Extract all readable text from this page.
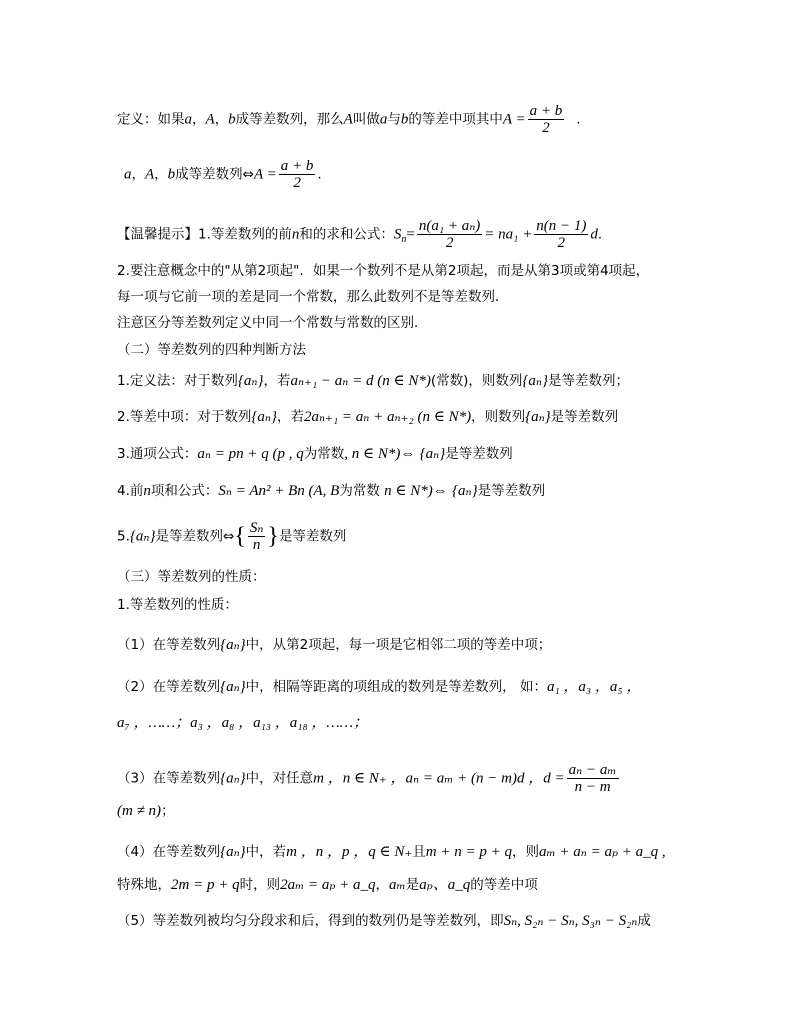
定义：如果a，A，b成等差数列，那么A叫做a与b的等差中项其中$A = \frac{a + b}{2}$ .
a，A，b成等差数列⇔A = $\frac{a + b}{2}$ .
【温馨提示】1.等差数列的前n和的求和公式：$S_n= \frac{\text{n(a₁ + aₙ)}}{2} = na_1 + \frac{n(n - 1)}{2} d$.
2.要注意概念中的"从第2项起"．如果一个数列不是从第2项起，而是从第3项或第4项起，
每一项与它前一项的差是同一个常数，那么此数列不是等差数列．
注意区分等差数列定义中同一个常数与常数的区别．
（二）等差数列的四种判断方法
1.定义法：对于数列{aₙ}，若aₙ₊₁ − aₙ = d (n ∈ N*)(常数)，则数列{aₙ}是等差数列；
2.等差中项：对于数列{aₙ}，若2aₙ₊₁ = aₙ + aₙ₊₂ (n ∈ N*)，则数列{aₙ}是等差数列
3.通项公式：aₙ = pn + q (p , q为常数, n ∈ N*)⇔ {aₙ}是等差数列
4.前n项和公式：Sₙ = An² + Bn (A, B为常数 n ∈ N*)⇔ {aₙ}是等差数列
5.{aₙ}是等差数列⇔{ $\frac{\text{Sₙ}}{n}$ }是等差数列
（三）等差数列的性质：
1.等差数列的性质：
（1）在等差数列{aₙ}中，从第2项起，每一项是它相邻二项的等差中项；
（2）在等差数列{aₙ}中，相隔等距离的项组成的数列是等差数列， 如：a₁ ，a₃ ，a₅ ，
a₇ ，……；a₃ ，a₈ ，a₁₃ ，a₁₈ ，……；
（3）在等差数列{aₙ}中，对任意m ，n ∈ N₊ ，aₙ = aₘ + (n − m)d ，$d = \frac{\text{aₙ − aₘ}}{n - m}$
(m ≠ n)；
（4）在等差数列{aₙ}中，若m ，n ，p ，q ∈ N₊且m + n = p + q，则aₘ + aₙ = aₚ + a_q ,
特殊地，2m = p + q时，则2aₘ = aₚ + a_q，aₘ是aₚ、a_q的等差中项
（5）等差数列被均匀分段求和后，得到的数列仍是等差数列，即Sₙ, S₂ₙ − Sₙ, S₃ₙ − S₂ₙ成
